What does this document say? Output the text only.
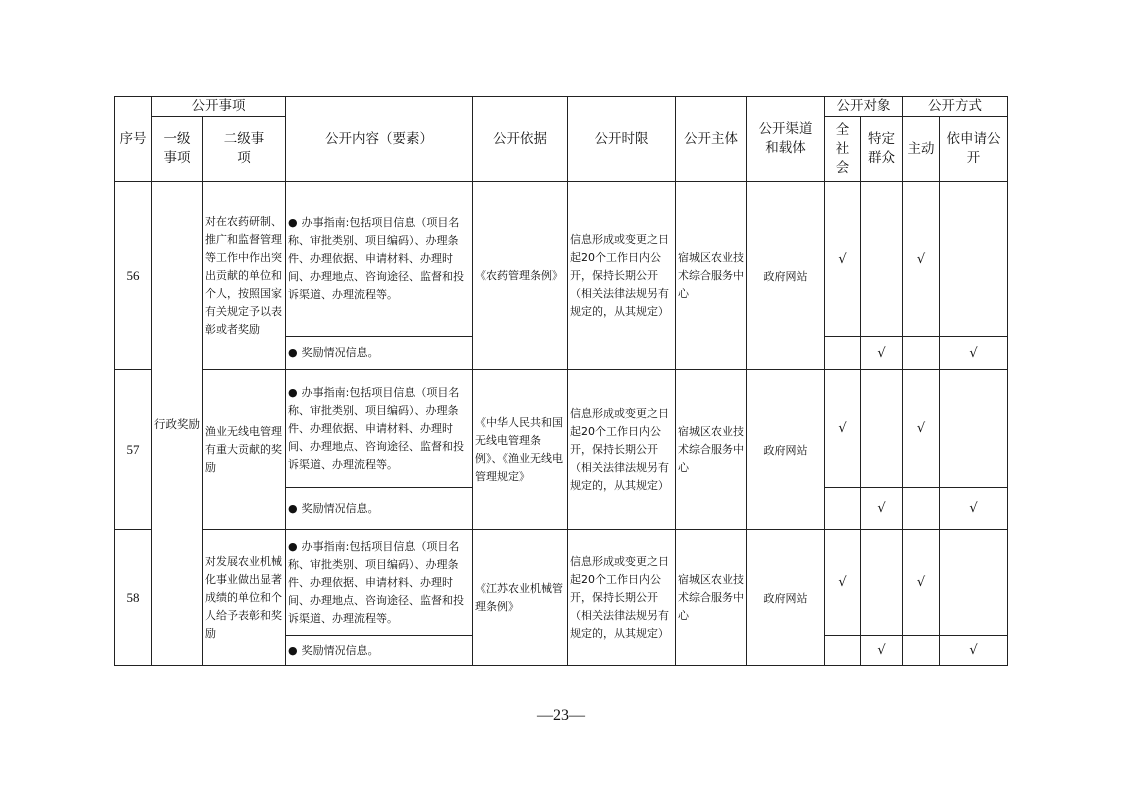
序号	公开事项		公开内容（要素）	公开依据	公开时限	公开主体	公开渠道和载体	公开对象		公开方式	
	一级事项	二级事项						全社会	特定群众	主动	依申请公开
56	行政奖励	对在农药研制、推广和监督管理等工作中作出突出贡献的单位和个人，按照国家有关规定予以表彰或者奖励	● 办事指南:包括项目信息（项目名称、审批类别、项目编码）、办理条件、办理依据、申请材料、办理时间、办理地点、咨询途径、监督和投诉渠道、办理流程等。	《农药管理条例》	信息形成或变更之日起20个工作日内公开，保持长期公开（相关法律法规另有规定的，从其规定）	宿城区农业技术综合服务中心	政府网站	√		√	
			● 奖励情况信息。						√		√
57		渔业无线电管理有重大贡献的奖励	● 办事指南:包括项目信息（项目名称、审批类别、项目编码）、办理条件、办理依据、申请材料、办理时间、办理地点、咨询途径、监督和投诉渠道、办理流程等。	《中华人民共和国无线电管理条例》、《渔业无线电管理规定》	信息形成或变更之日起20个工作日内公开，保持长期公开（相关法律法规另有规定的，从其规定）	宿城区农业技术综合服务中心	政府网站	√		√	
			● 奖励情况信息。						√		√
58		对发展农业机械化事业做出显著成绩的单位和个人给予表彰和奖励	● 办事指南:包括项目信息（项目名称、审批类别、项目编码）、办理条件、办理依据、申请材料、办理时间、办理地点、咨询途径、监督和投诉渠道、办理流程等。	《江苏农业机械管理条例》	信息形成或变更之日起20个工作日内公开，保持长期公开（相关法律法规另有规定的，从其规定）	宿城区农业技术综合服务中心	政府网站	√		√	
			● 奖励情况信息。						√		√
—23—
